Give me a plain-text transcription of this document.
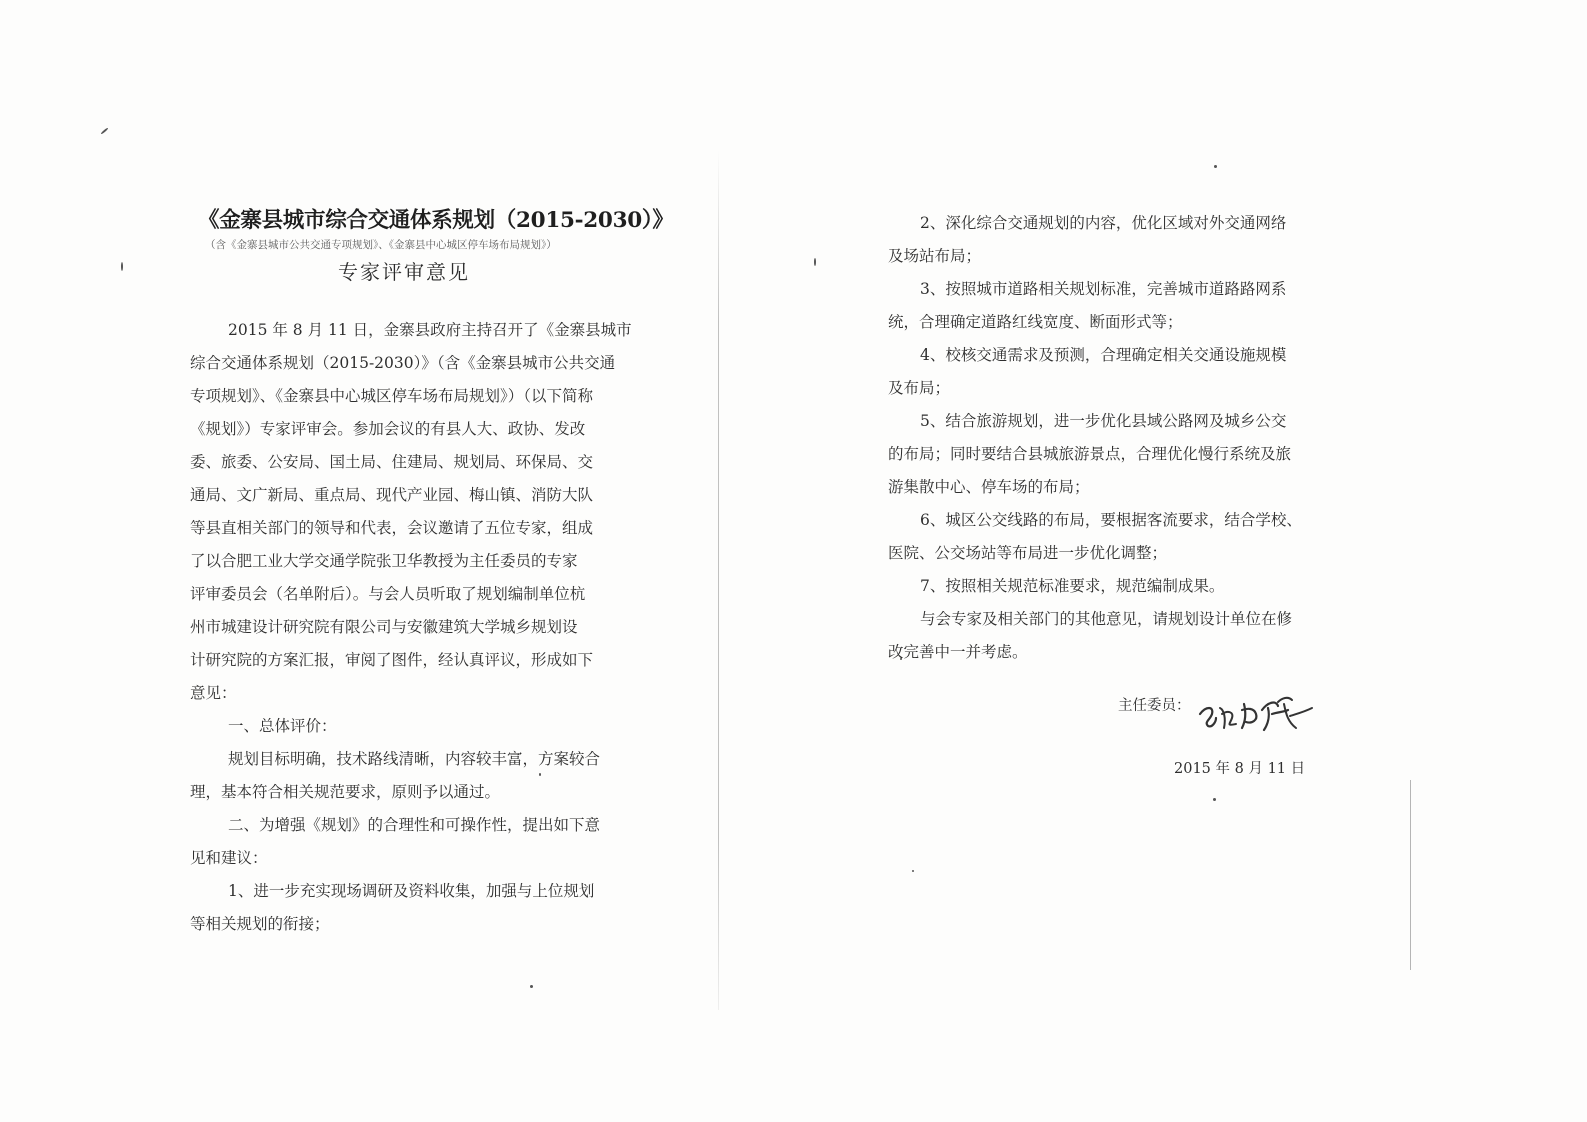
《金寨县城市综合交通体系规划（2015-2030）》
（含《金寨县城市公共交通专项规划》、《金寨县中心城区停车场布局规划》）
专家评审意见
2015 年 8 月 11 日，金寨县政府主持召开了《金寨县城市
综合交通体系规划（2015-2030）》（含《金寨县城市公共交通
专项规划》、《金寨县中心城区停车场布局规划》）（以下简称
《规划》）专家评审会。参加会议的有县人大、政协、发改
委、旅委、公安局、国土局、住建局、规划局、环保局、交
通局、文广新局、重点局、现代产业园、梅山镇、消防大队
等县直相关部门的领导和代表，会议邀请了五位专家，组成
了以合肥工业大学交通学院张卫华教授为主任委员的专家
评审委员会（名单附后）。与会人员听取了规划编制单位杭
州市城建设计研究院有限公司与安徽建筑大学城乡规划设
计研究院的方案汇报，审阅了图件，经认真评议，形成如下
意见：
一、总体评价：
规划目标明确，技术路线清晰，内容较丰富，方案较合
理，基本符合相关规范要求，原则予以通过。
二、为增强《规划》的合理性和可操作性，提出如下意
见和建议：
1、进一步充实现场调研及资料收集，加强与上位规划
等相关规划的衔接；
2、深化综合交通规划的内容，优化区域对外交通网络
及场站布局；
3、按照城市道路相关规划标准，完善城市道路路网系
统，合理确定道路红线宽度、断面形式等；
4、校核交通需求及预测，合理确定相关交通设施规模
及布局；
5、结合旅游规划，进一步优化县域公路网及城乡公交
的布局；同时要结合县城旅游景点，合理优化慢行系统及旅
游集散中心、停车场的布局；
6、城区公交线路的布局，要根据客流要求，结合学校、
医院、公交场站等布局进一步优化调整；
7、按照相关规范标准要求，规范编制成果。
与会专家及相关部门的其他意见，请规划设计单位在修
改完善中一并考虑。
主任委员：
2015 年 8 月 11 日
